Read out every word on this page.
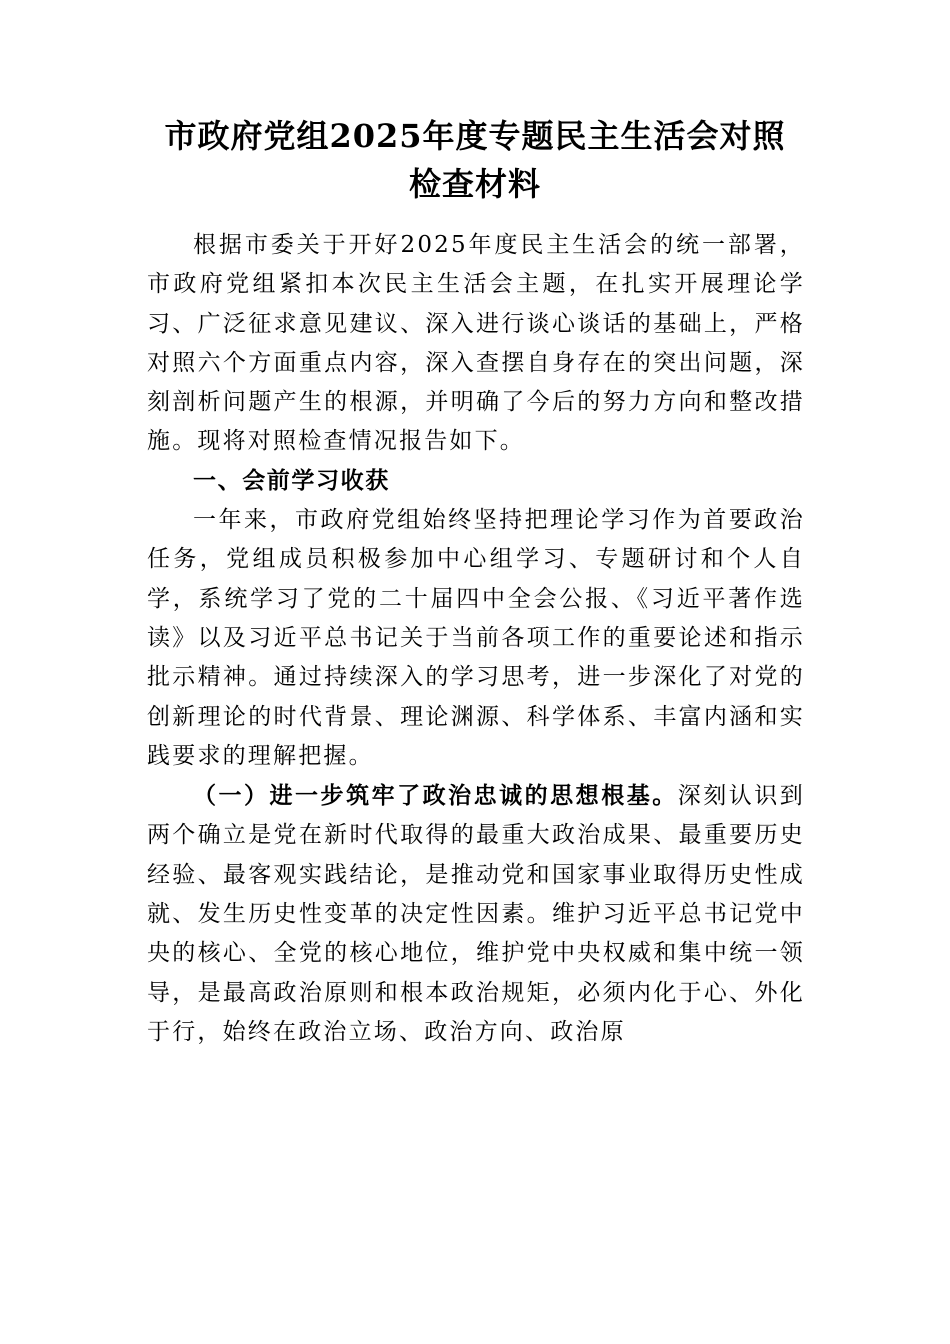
市政府党组2025年度专题民主生活会对照
检查材料

根据市委关于开好2025年度民主生活会的统一部署，市政府党组紧扣本次民主生活会主题，在扎实开展理论学习、广泛征求意见建议、深入进行谈心谈话的基础上，严格对照六个方面重点内容，深入查摆自身存在的突出问题，深刻剖析问题产生的根源，并明确了今后的努力方向和整改措施。现将对照检查情况报告如下。

一、会前学习收获

一年来，市政府党组始终坚持把理论学习作为首要政治任务，党组成员积极参加中心组学习、专题研讨和个人自学，系统学习了党的二十届四中全会公报、《习近平著作选读》以及习近平总书记关于当前各项工作的重要论述和指示批示精神。通过持续深入的学习思考，进一步深化了对党的创新理论的时代背景、理论渊源、科学体系、丰富内涵和实践要求的理解把握。

（一）进一步筑牢了政治忠诚的思想根基。深刻认识到两个确立是党在新时代取得的最重大政治成果、最重要历史经验、最客观实践结论，是推动党和国家事业取得历史性成就、发生历史性变革的决定性因素。维护习近平总书记党中央的核心、全党的核心地位，维护党中央权威和集中统一领导，是最高政治原则和根本政治规矩，必须内化于心、外化于行，始终在政治立场、政治方向、政治原
